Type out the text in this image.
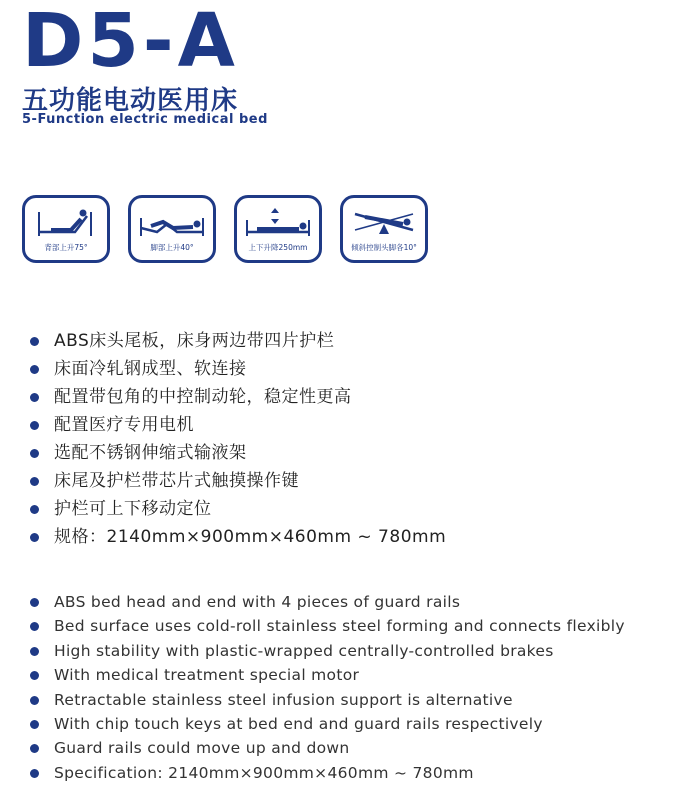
D5-A
五功能电动医用床
5-Function electric medical bed
背部上升75°	脚部上升40°	上下升降250mm	倾斜控制头脚各10°
ABS床头尾板，床身两边带四片护栏
床面冷轧钢成型、软连接
配置带包角的中控制动轮，稳定性更高
配置医疗专用电机
选配不锈钢伸缩式输液架
床尾及护栏带芯片式触摸操作键
护栏可上下移动定位
规格：2140mm×900mm×460mm ~ 780mm
ABS bed head and end with 4 pieces of guard rails
Bed surface uses cold-roll stainless steel forming and connects flexibly
High stability with plastic-wrapped centrally-controlled brakes
With medical treatment special motor
Retractable stainless steel infusion support is alternative
With chip touch keys at bed end and guard rails respectively
Guard rails could move up and down
Specification: 2140mm×900mm×460mm ~ 780mm
